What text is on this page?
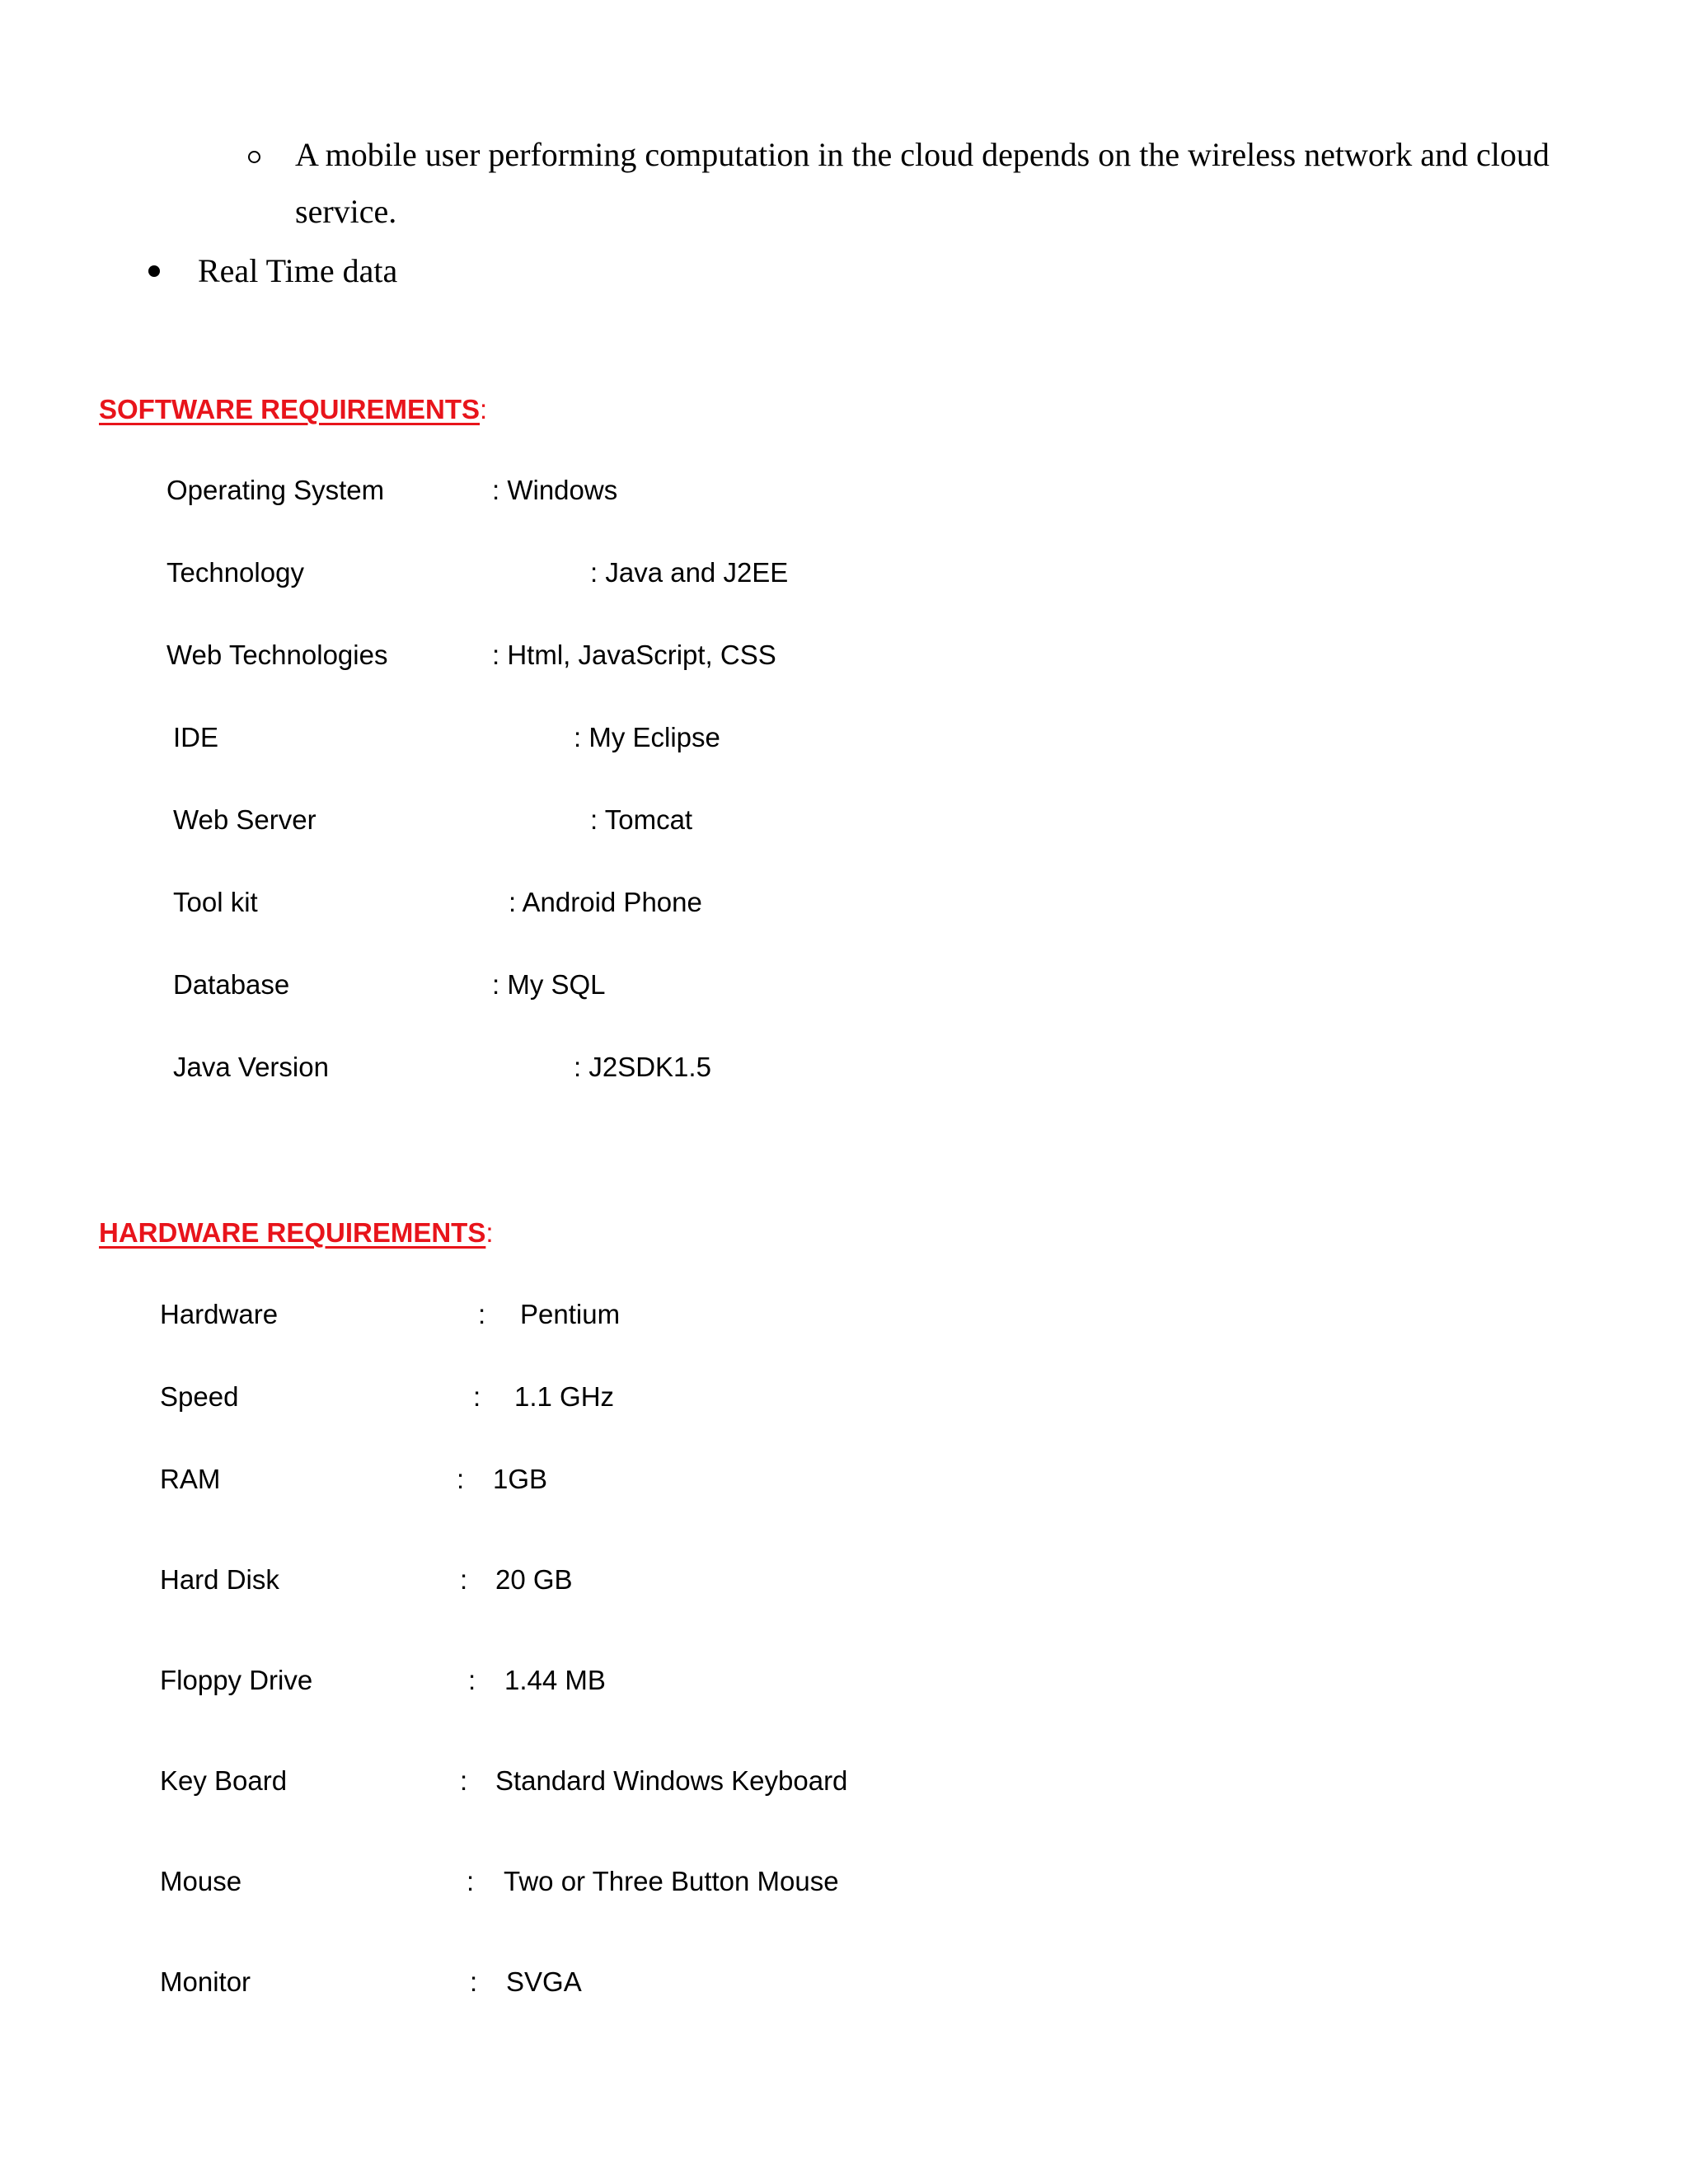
A mobile user performing computation in the cloud depends on the wireless network and cloud
service.
Real Time data
SOFTWARE REQUIREMENTS:
Operating System	: Windows
Technology	: Java and J2EE
Web Technologies	: Html, JavaScript, CSS
IDE	: My Eclipse
Web Server	: Tomcat
Tool kit	: Android Phone
Database	: My SQL
Java Version	: J2SDK1.5
HARDWARE REQUIREMENTS:
Hardware	: Pentium
Speed	: 1.1 GHz
RAM	: 1GB
Hard Disk	: 20 GB
Floppy Drive	: 1.44 MB
Key Board	: Standard Windows Keyboard
Mouse	: Two or Three Button Mouse
Monitor	: SVGA
